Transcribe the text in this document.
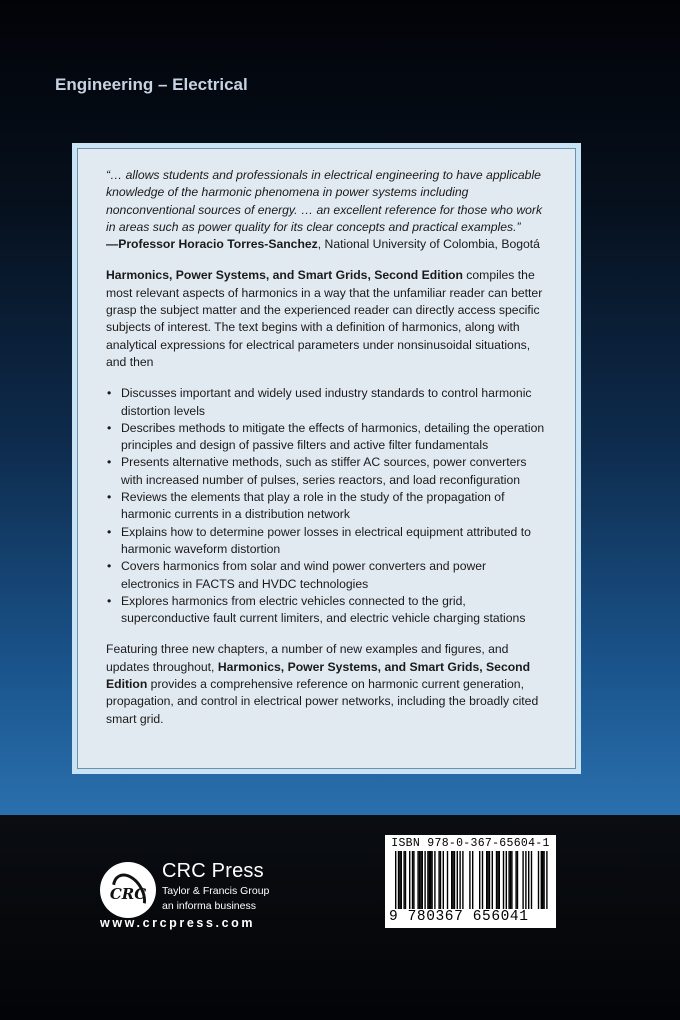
Engineering – Electrical

“… allows students and professionals in electrical engineering to have applicable knowledge of the harmonic phenomena in power systems including nonconventional sources of energy. … an excellent reference for those who work in areas such as power quality for its clear concepts and practical examples.”

—Professor Horacio Torres-Sanchez, National University of Colombia, Bogotá

Harmonics, Power Systems, and Smart Grids, Second Edition compiles the most relevant aspects of harmonics in a way that the unfamiliar reader can better grasp the subject matter and the experienced reader can directly access specific subjects of interest. The text begins with a definition of harmonics, along with analytical expressions for electrical parameters under nonsinusoidal situations, and then

• Discusses important and widely used industry standards to control harmonic distortion levels
• Describes methods to mitigate the effects of harmonics, detailing the operation principles and design of passive filters and active filter fundamentals
• Presents alternative methods, such as stiffer AC sources, power converters with increased number of pulses, series reactors, and load reconfiguration
• Reviews the elements that play a role in the study of the propagation of harmonic currents in a distribution network
• Explains how to determine power losses in electrical equipment attributed to harmonic waveform distortion
• Covers harmonics from solar and wind power converters and power electronics in FACTS and HVDC technologies
• Explores harmonics from electric vehicles connected to the grid, superconductive fault current limiters, and electric vehicle charging stations

Featuring three new chapters, a number of new examples and figures, and updates throughout, Harmonics, Power Systems, and Smart Grids, Second Edition provides a comprehensive reference on harmonic current generation, propagation, and control in electrical power networks, including the broadly cited smart grid.

CRC
CRC Press
Taylor & Francis Group
an informa business
www.crcpress.com
ISBN 978-0-367-65604-1
9 780367 656041
